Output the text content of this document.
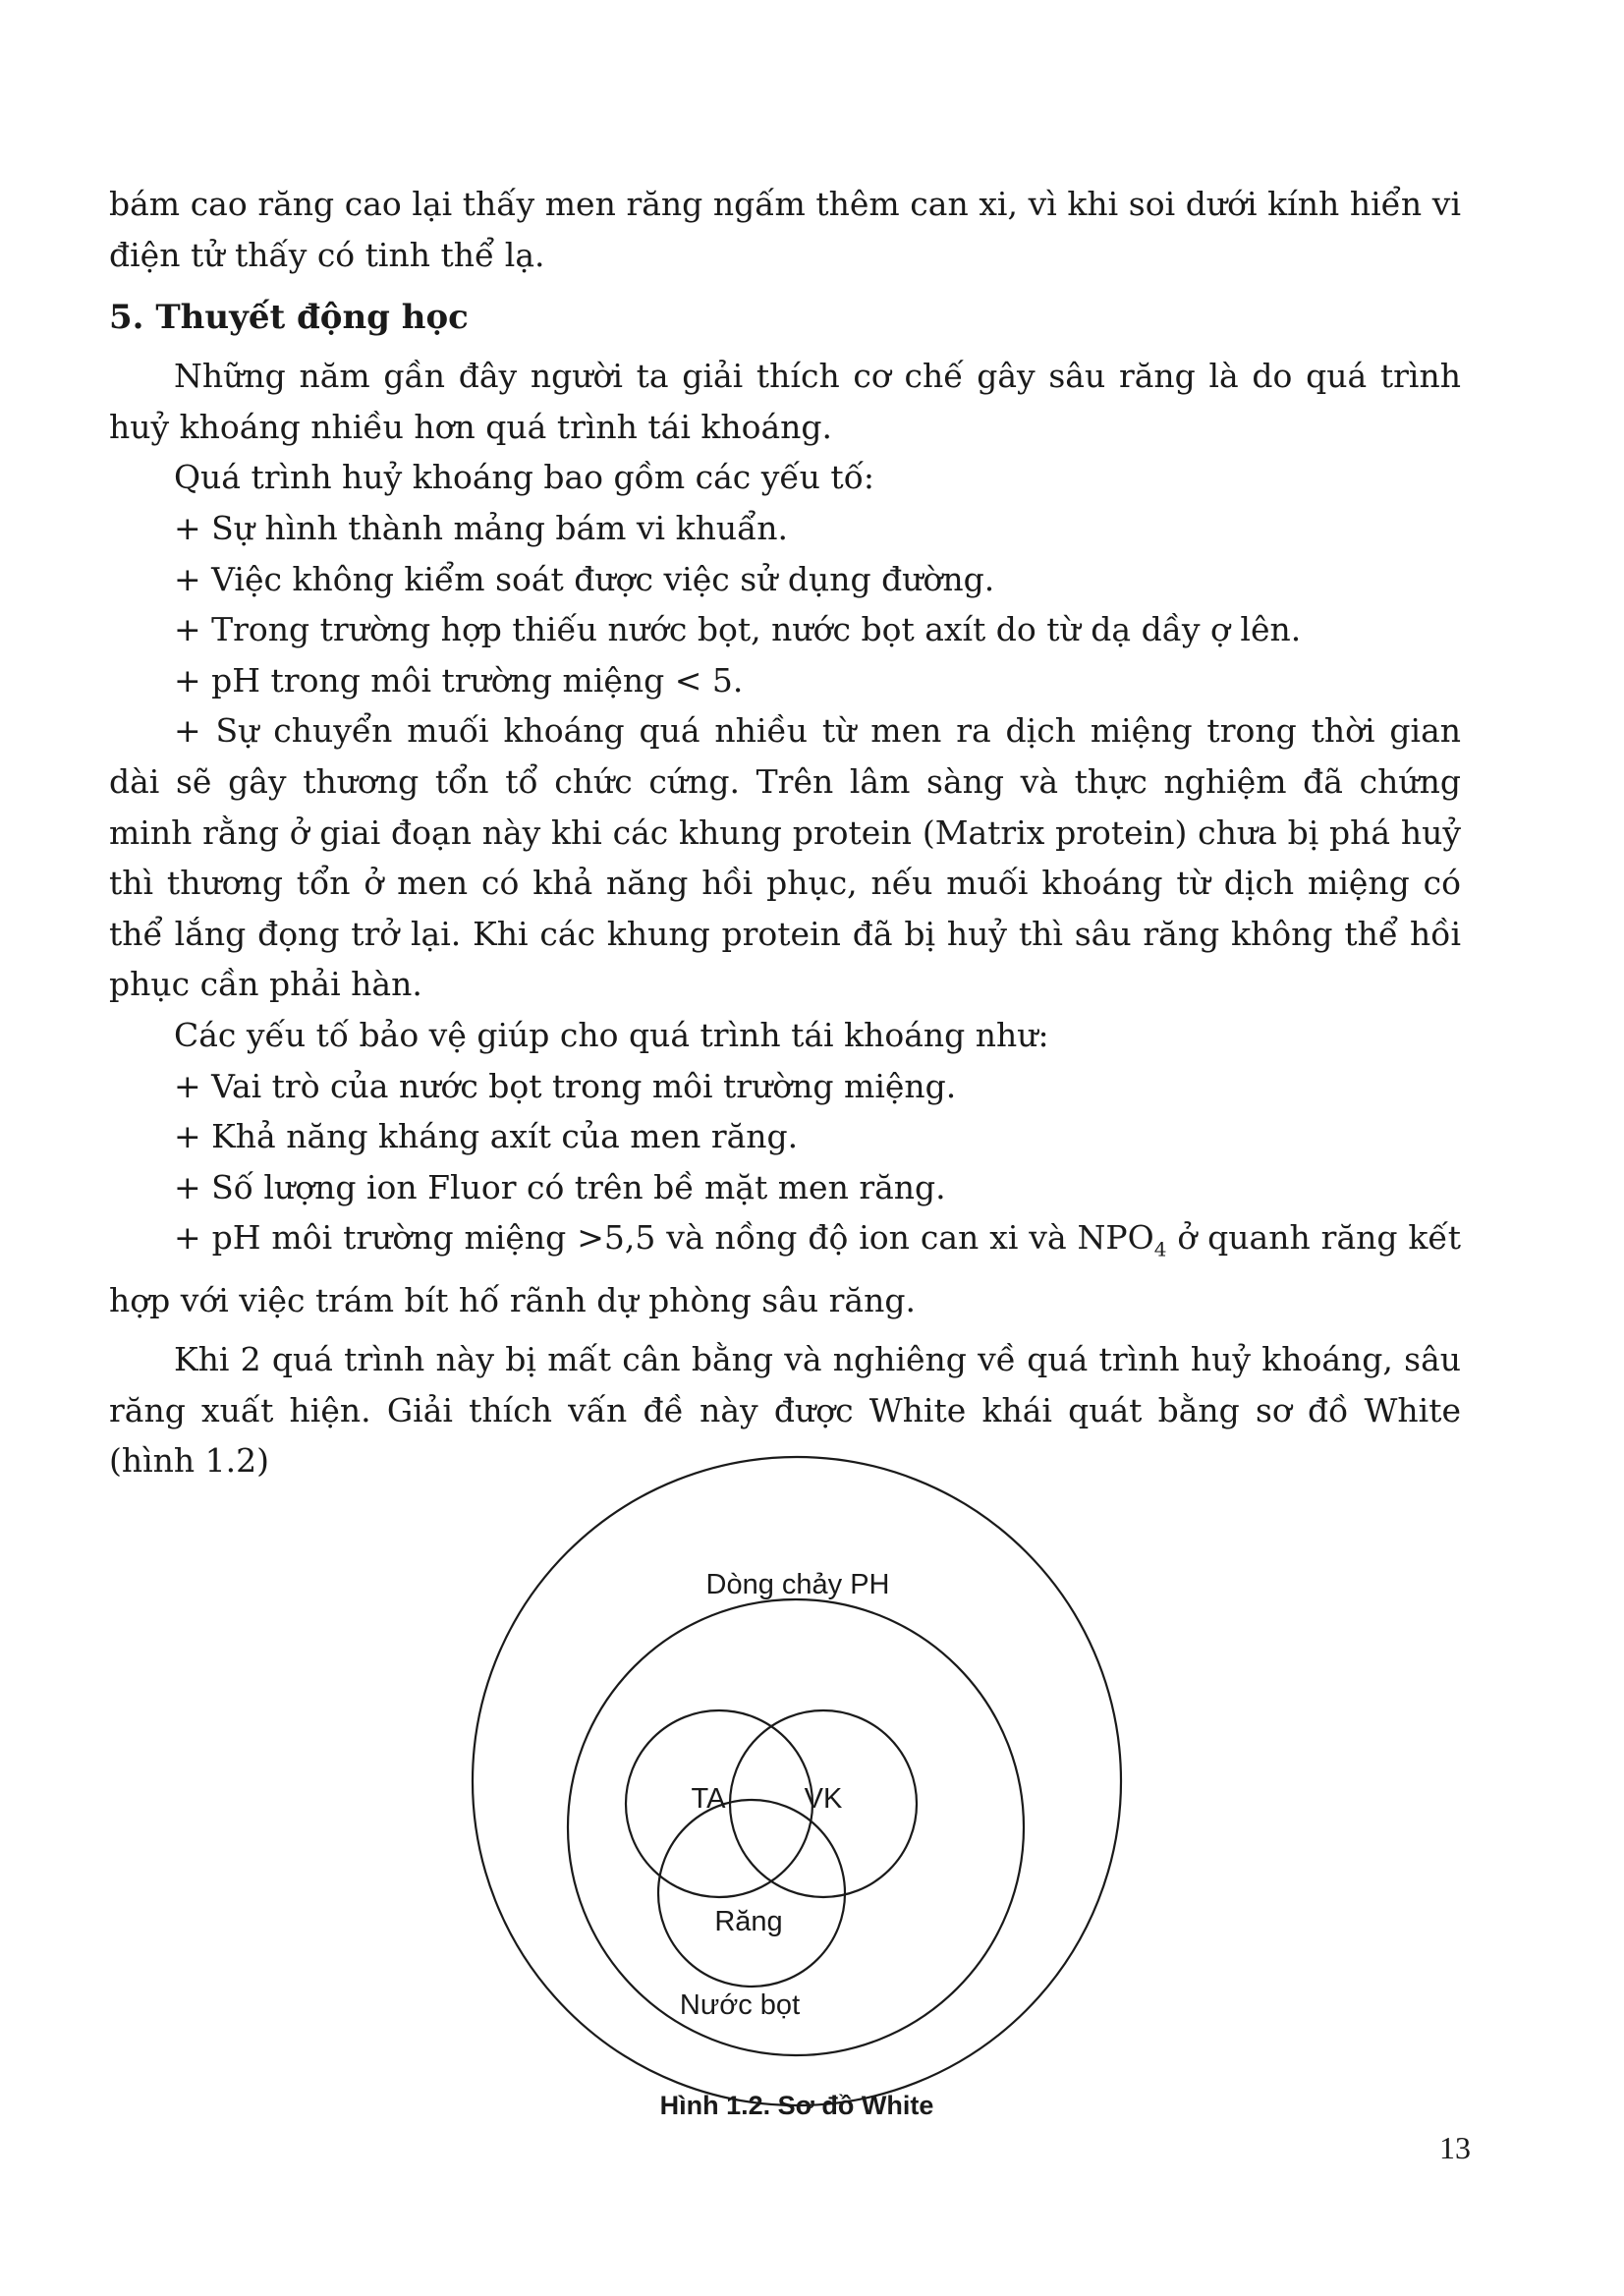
bám cao răng cao lại thấy men răng ngấm thêm can xi, vì khi soi dưới kính hiển vi điện tử thấy có tinh thể lạ.

5. Thuyết động học

Những năm gần đây người ta giải thích cơ chế gây sâu răng là do quá trình huỷ khoáng nhiều hơn quá trình tái khoáng.

Quá trình huỷ khoáng bao gồm các yếu tố:

+ Sự hình thành mảng bám vi khuẩn.

+ Việc không kiểm soát được việc sử dụng đường.

+ Trong trường hợp thiếu nước bọt, nước bọt axít do từ dạ dầy ợ lên.

+ pH trong môi trường miệng < 5.

+ Sự chuyển muối khoáng quá nhiều từ men ra dịch miệng trong thời gian dài sẽ gây thương tổn tổ chức cứng. Trên lâm sàng và thực nghiệm đã chứng minh rằng ở giai đoạn này khi các khung protein (Matrix protein) chưa bị phá huỷ thì thương tổn ở men có khả năng hồi phục, nếu muối khoáng từ dịch miệng có thể lắng đọng trở lại. Khi các khung protein đã bị huỷ thì sâu răng không thể hồi phục cần phải hàn.

Các yếu tố bảo vệ giúp cho quá trình tái khoáng như:

+ Vai trò của nước bọt trong môi trường miệng.

+ Khả năng kháng axít của men răng.

+ Số lượng ion Fluor có trên bề mặt men răng.

+ pH môi trường miệng >5,5 và nồng độ ion can xi và $NPO_4$ ở quanh răng kết hợp với việc trám bít hố rãnh dự phòng sâu răng.

Khi 2 quá trình này bị mất cân bằng và nghiêng về quá trình huỷ khoáng, sâu răng xuất hiện. Giải thích vấn đề này được White khái quát bằng sơ đồ White (hình 1.2)

Dòng chảy PH
TA	VK
Răng
Nước bọt
Hình 1.2. Sơ đồ White
13
